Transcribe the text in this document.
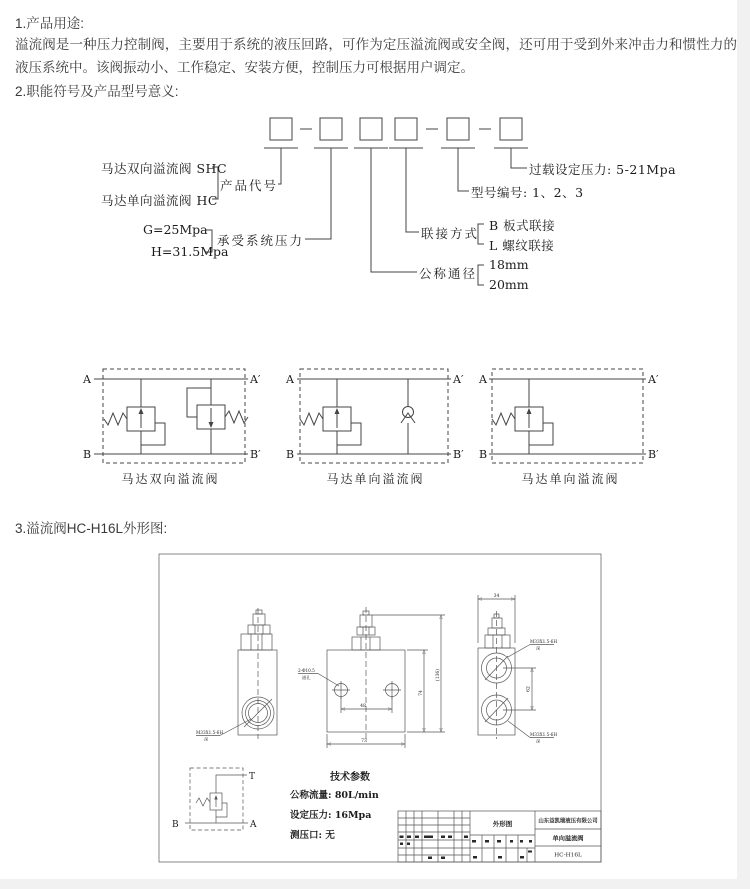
1.产品用途:
溢流阀是一种压力控制阀，主要用于系统的液压回路，可作为定压溢流阀或安全阀，还可用于受到外来冲击力和惯性力的液压系统中。该阀振动小、工作稳定、安装方便，控制压力可根据用户调定。
2.职能符号及产品型号意义:
马达双向溢流阀 SHC
马达单向溢流阀 HC
产品代号
G=25Mpa
H=31.5Mpa
承受系统压力
过载设定压力: 5-21Mpa
型号编号: 1、2、3
联接方式
B 板式联接
L 螺纹联接
公称通径
18mm
20mm
A	A′
B	B′
马达双向溢流阀
A	A′
B	B′
马达单向溢流阀
A	A′
B	B′
马达单向溢流阀
3.溢流阀HC-H16L外形图:
M33X1.5-6H
深
2-Φ10.5
通孔
48
73
74
(136)
34
62
M33X1.5-6H
深
M33X1.5-6H
深
T
B	A
技术参数
公称流量: 80L/min
设定压力: 16Mpa
测压口: 无
外形图	山东益凯瑞液压有限公司
单向溢流阀
HC-H16L
